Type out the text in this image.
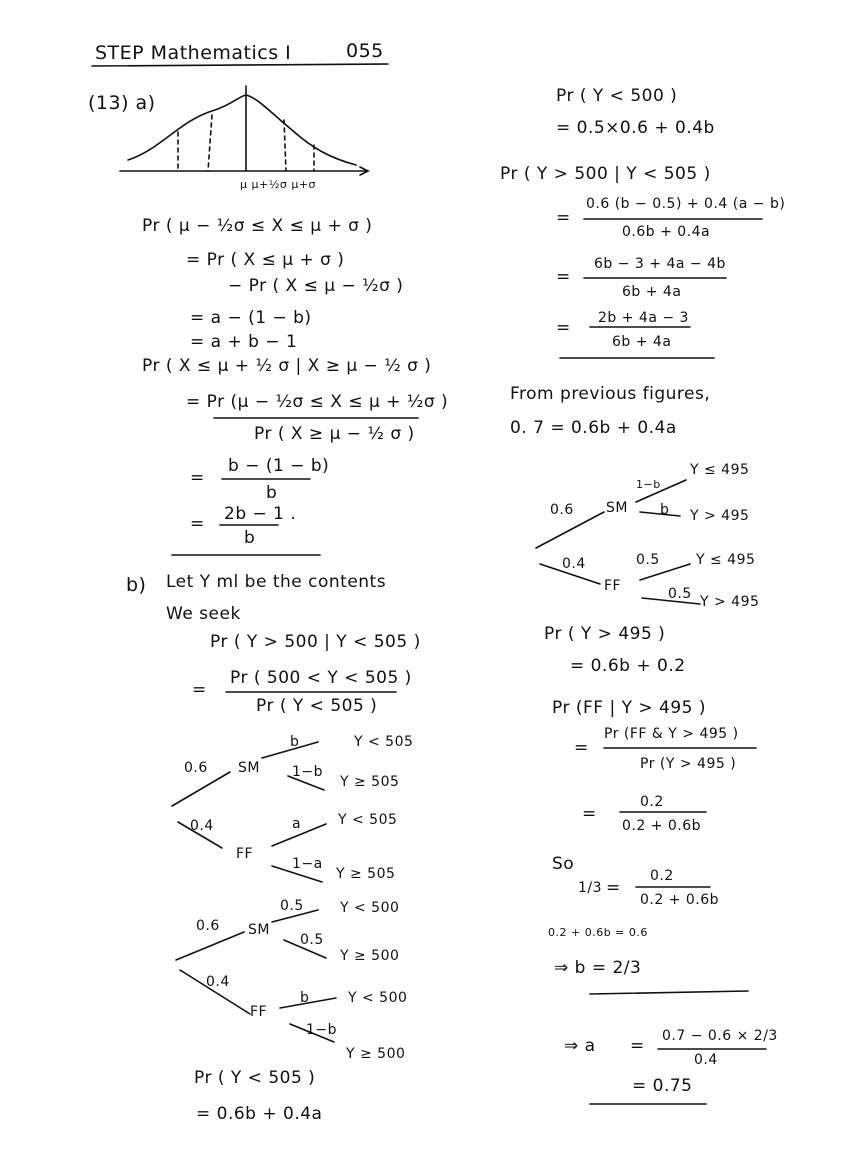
STEP Mathematics I	055
(13) a)
μ μ+½σ μ+σ
Pr ( μ − ½σ ≤ X ≤ μ + σ )
= Pr ( X ≤ μ + σ )
− Pr ( X ≤ μ − ½σ )
= a − (1 − b)
= a + b − 1
Pr ( X ≤ μ + ½ σ | X ≥ μ − ½ σ )
= Pr (μ − ½σ ≤ X ≤ μ + ½σ )
Pr ( X ≥ μ − ½ σ )
=
b − (1 − b)
b
= 2b − 1 .
b
b) Let Y ml be the contents
We seek
Pr ( Y > 500 | Y < 505 )
=
Pr ( 500 < Y < 505 )
Pr ( Y < 505 )
0.6 SM
b
1−b
Y < 505
Y ≥ 505
0.4
FF
a
1−a
Y < 505
Y ≥ 505
0.6 SM
0.5
0.5
Y < 500
Y ≥ 500
0.4
FF
b
1−b
Y < 500
Y ≥ 500
Pr ( Y < 505 )
= 0.6b + 0.4a
Pr ( Y < 500 )
= 0.5×0.6 + 0.4b
Pr ( Y > 500 | Y < 505 )
=
0.6 (b − 0.5) + 0.4 (a − b)
0.6b + 0.4a
=
6b − 3 + 4a − 4b
6b + 4a
= 2b + 4a − 3
6b + 4a
From previous figures,
0. 7 = 0.6b + 0.4a
0.6 SM
1−b
b
Y ≤ 495
Y > 495
0.4
FF
0.5
0.5
Y ≤ 495
Y > 495
Pr ( Y > 495 )
= 0.6b + 0.2
Pr (FF | Y > 495 )
=
Pr (FF & Y > 495 )
Pr (Y > 495 )
=
0.2
0.2 + 0.6b
So
1/3 =
0.2
0.2 + 0.6b
0.2 + 0.6b = 0.6
⇒ b = 2/3
⇒ a = 0.7 − 0.6 × 2/3
0.4
= 0.75
